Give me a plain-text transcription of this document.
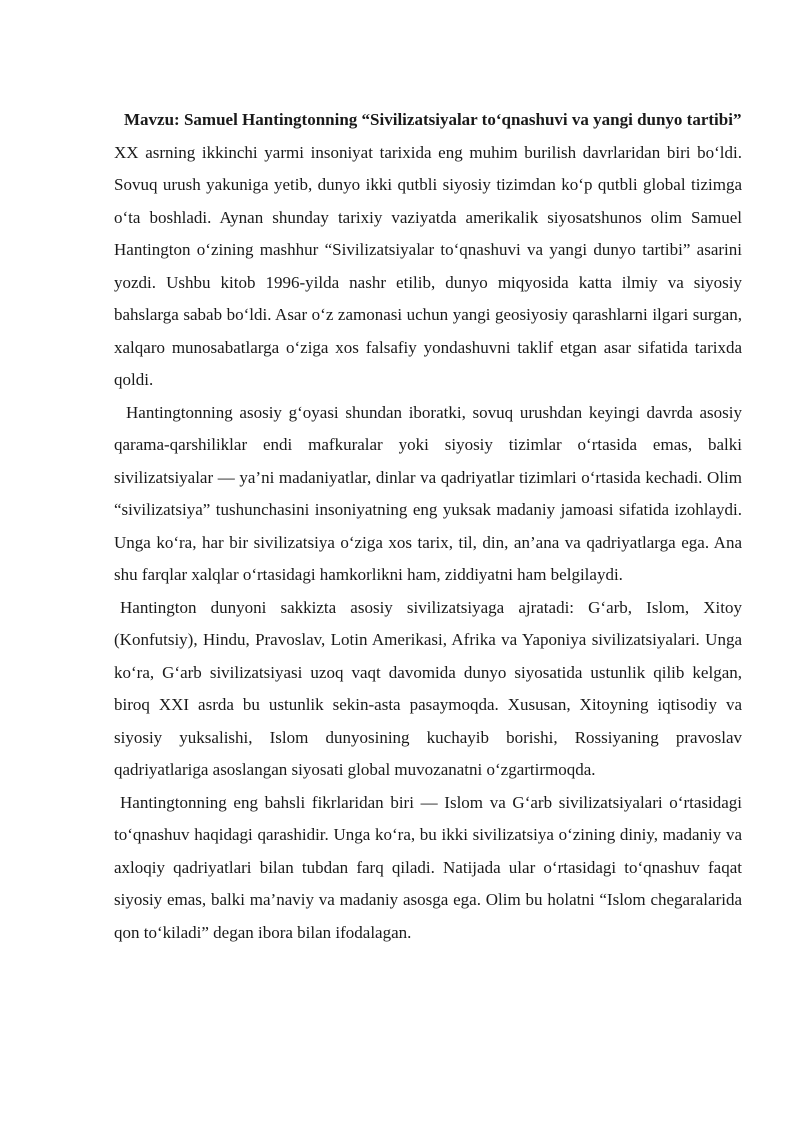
Mavzu: Samuel Hantingtonning “Sivilizatsiyalar to‘qnashuvi va yangi dunyo tartibi”

XX asrning ikkinchi yarmi insoniyat tarixida eng muhim burilish davrlaridan biri bo‘ldi. Sovuq urush yakuniga yetib, dunyo ikki qutbli siyosiy tizimdan ko‘p qutbli global tizimga o‘ta boshladi. Aynan shunday tarixiy vaziyatda amerikalik siyosatshunos olim Samuel Hantington o‘zining mashhur “Sivilizatsiyalar to‘qnashuvi va yangi dunyo tartibi” asarini yozdi. Ushbu kitob 1996-yilda nashr etilib, dunyo miqyosida katta ilmiy va siyosiy bahslarga sabab bo‘ldi. Asar o‘z zamonasi uchun yangi geosiyosiy qarashlarni ilgari surgan, xalqaro munosabatlarga o‘ziga xos falsafiy yondashuvni taklif etgan asar sifatida tarixda qoldi.

Hantingtonning asosiy g‘oyasi shundan iboratki, sovuq urushdan keyingi davrda asosiy qarama-qarshiliklar endi mafkuralar yoki siyosiy tizimlar o‘rtasida emas, balki sivilizatsiyalar — ya’ni madaniyatlar, dinlar va qadriyatlar tizimlari o‘rtasida kechadi. Olim “sivilizatsiya” tushunchasini insoniyatning eng yuksak madaniy jamoasi sifatida izohlaydi. Unga ko‘ra, har bir sivilizatsiya o‘ziga xos tarix, til, din, an’ana va qadriyatlarga ega. Ana shu farqlar xalqlar o‘rtasidagi hamkorlikni ham, ziddiyatni ham belgilaydi.

Hantington dunyoni sakkizta asosiy sivilizatsiyaga ajratadi: G‘arb, Islom, Xitoy (Konfutsiy), Hindu, Pravoslav, Lotin Amerikasi, Afrika va Yaponiya sivilizatsiyalari. Unga ko‘ra, G‘arb sivilizatsiyasi uzoq vaqt davomida dunyo siyosatida ustunlik qilib kelgan, biroq XXI asrda bu ustunlik sekin-asta pasaymoqda. Xususan, Xitoyning iqtisodiy va siyosiy yuksalishi, Islom dunyosining kuchayib borishi, Rossiyaning pravoslav qadriyatlariga asoslangan siyosati global muvozanatni o‘zgartirmoqda.

Hantingtonning eng bahsli fikrlaridan biri — Islom va G‘arb sivilizatsiyalari o‘rtasidagi to‘qnashuv haqidagi qarashidir. Unga ko‘ra, bu ikki sivilizatsiya o‘zining diniy, madaniy va axloqiy qadriyatlari bilan tubdan farq qiladi. Natijada ular o‘rtasidagi to‘qnashuv faqat siyosiy emas, balki ma’naviy va madaniy asosga ega. Olim bu holatni “Islom chegaralarida qon to‘kiladi” degan ibora bilan ifodalagan.
